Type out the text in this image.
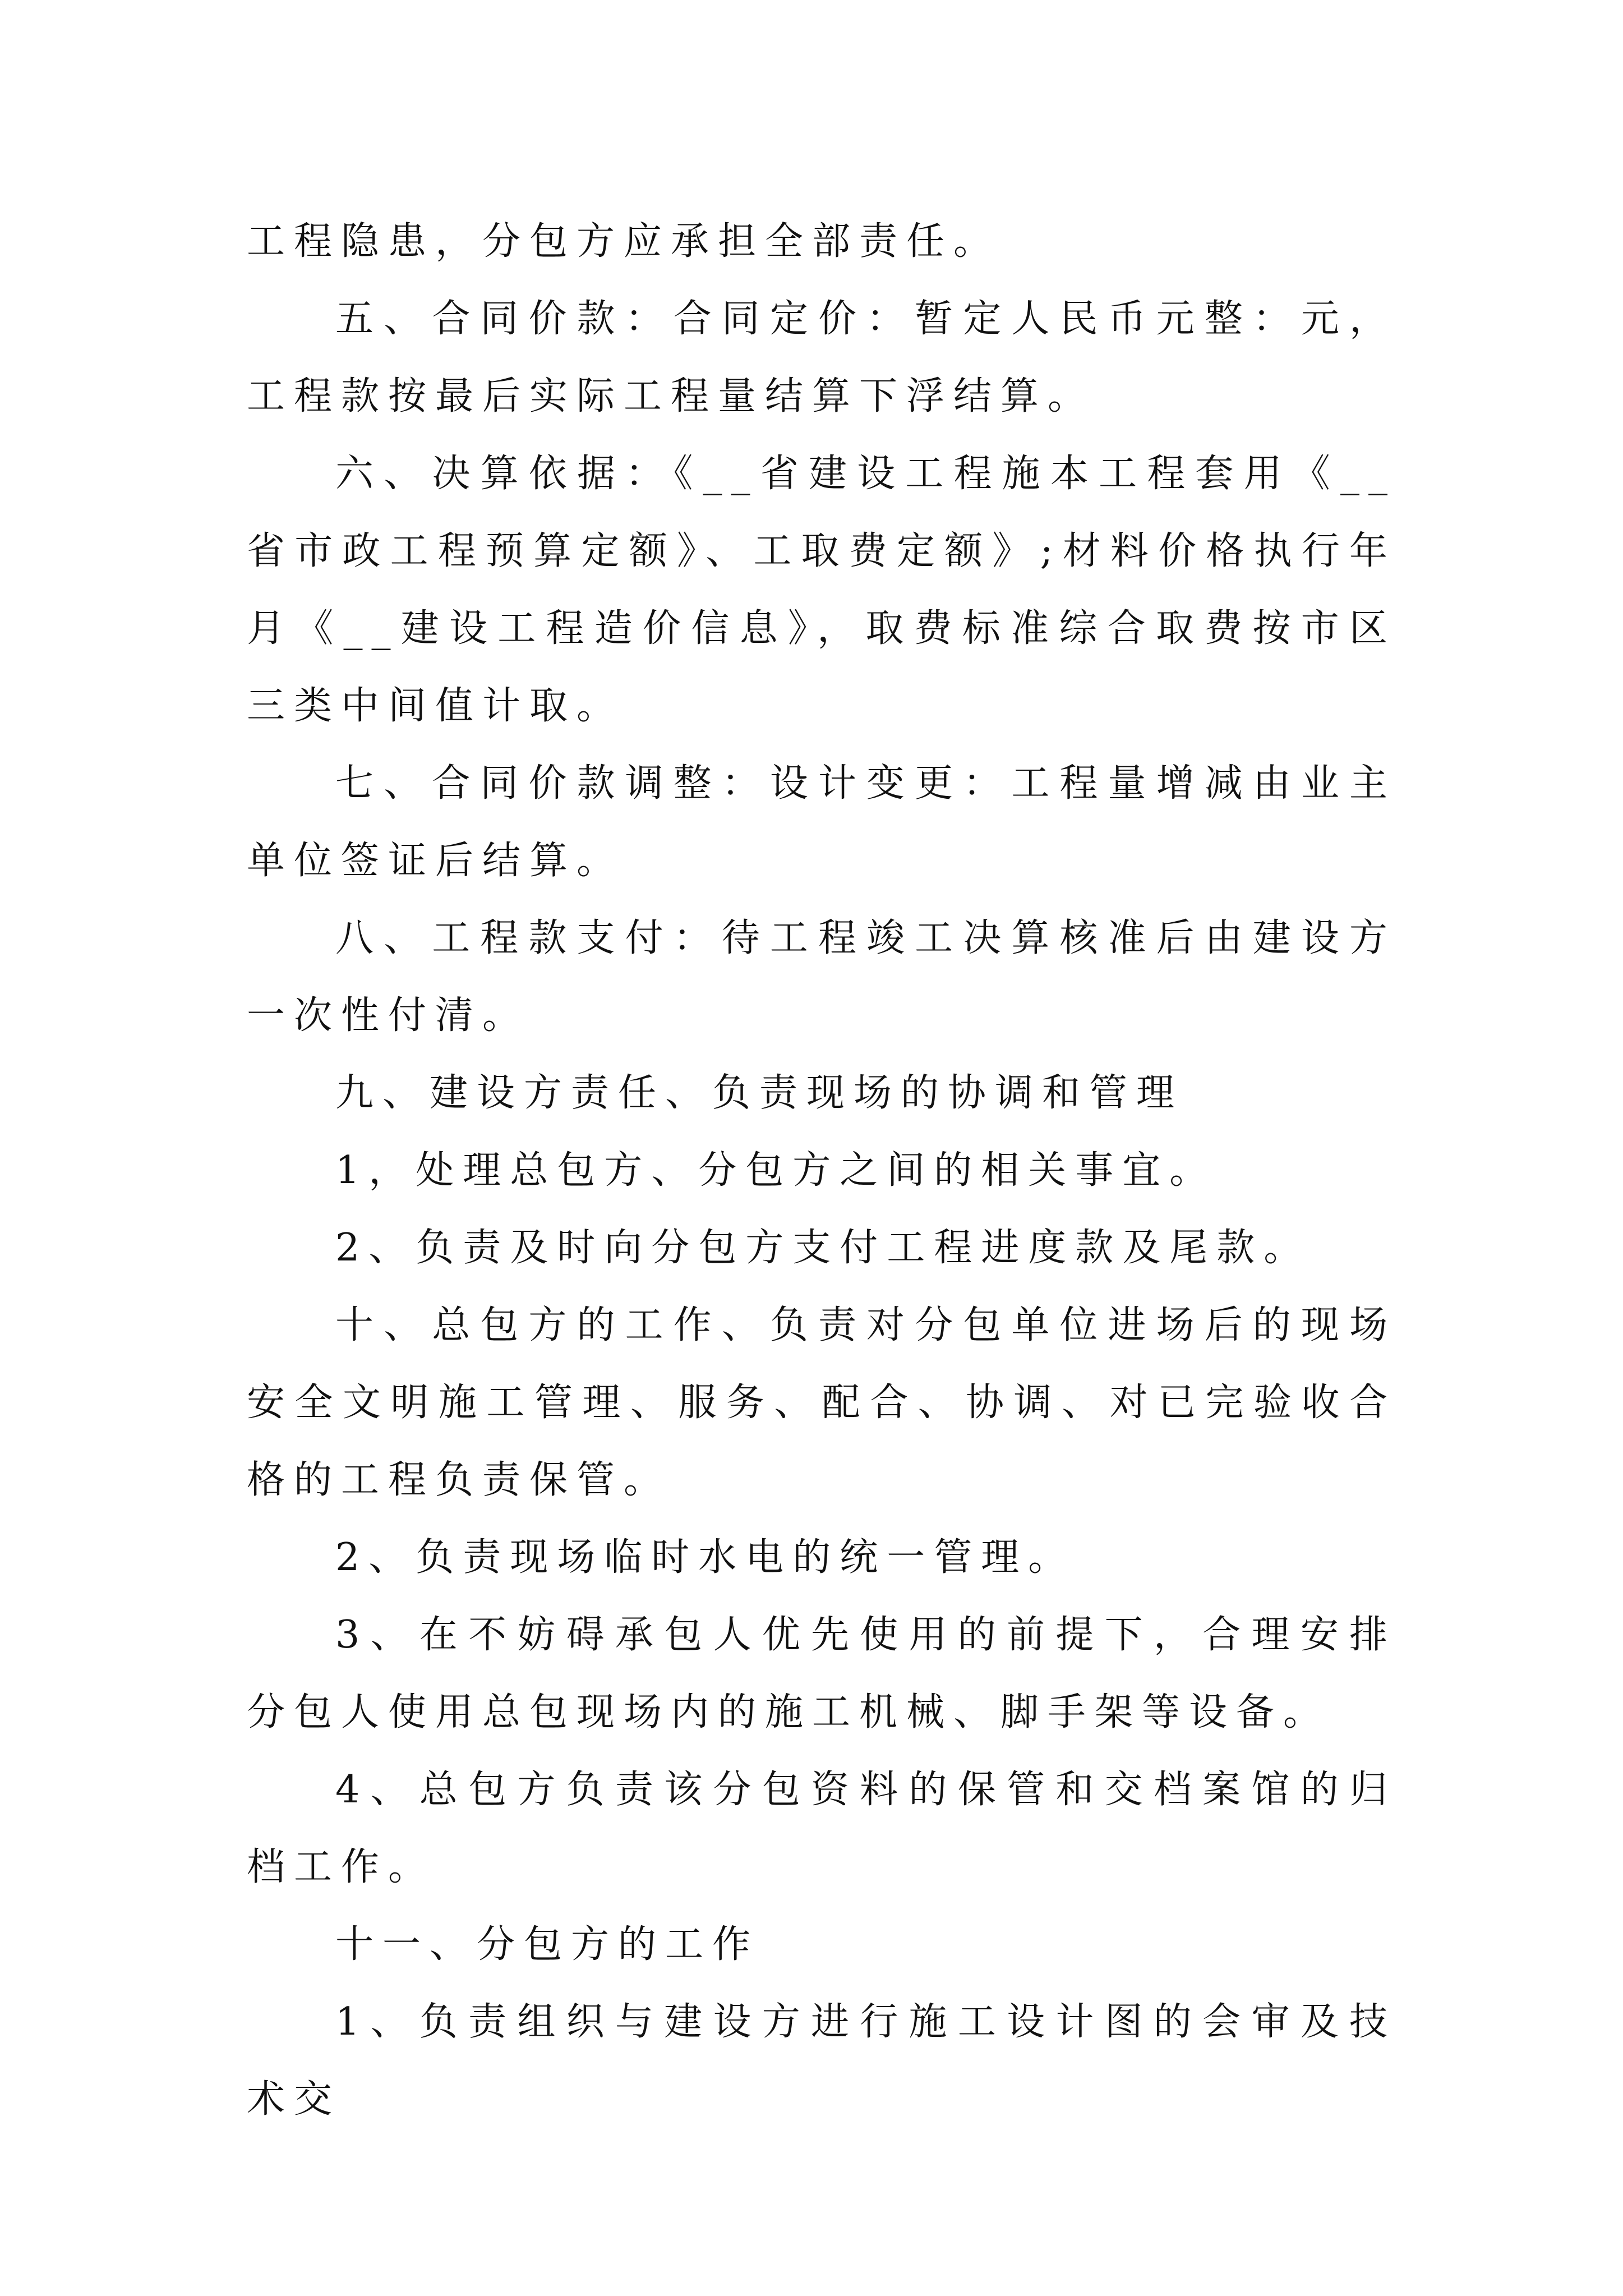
工程隐患，分包方应承担全部责任。

五、合同价款：合同定价：暂定人民币元整：元，工程款按最后实际工程量结算下浮结算。

六、决算依据：《__省建设工程施本工程套用《__省市政工程预算定额》、工取费定额》;材料价格执行年月《__建设工程造价信息》，取费标准综合取费按市区三类中间值计取。

七、合同价款调整：设计变更：工程量增减由业主单位签证后结算。

八、工程款支付：待工程竣工决算核准后由建设方一次性付清。

九、建设方责任、负责现场的协调和管理

1，处理总包方、分包方之间的相关事宜。

2、负责及时向分包方支付工程进度款及尾款。

十、总包方的工作、负责对分包单位进场后的现场安全文明施工管理、服务、配合、协调、对已完验收合格的工程负责保管。

2、负责现场临时水电的统一管理。

3、在不妨碍承包人优先使用的前提下，合理安排分包人使用总包现场内的施工机械、脚手架等设备。

4、总包方负责该分包资料的保管和交档案馆的归档工作。

十一、分包方的工作

1、负责组织与建设方进行施工设计图的会审及技术交
